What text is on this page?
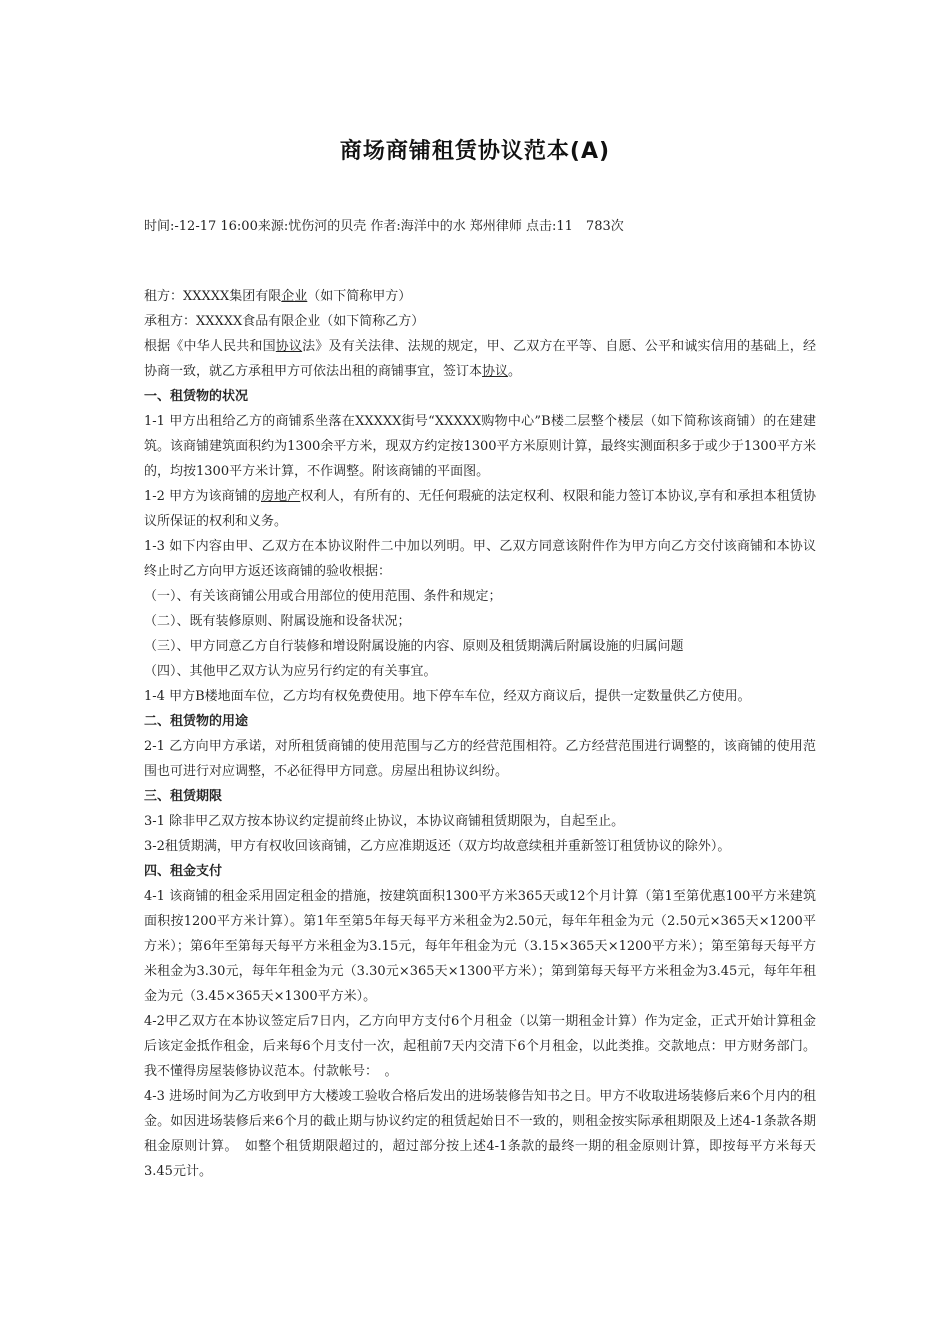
商场商铺租赁协议范本(A)
时间:-12-17 16:00来源:忧伤河的贝壳 作者:海洋中的水 郑州律师 点击:11　783次

租方：XXXXX集团有限企业（如下简称甲方）

承租方：XXXXX食品有限企业（如下简称乙方）

根据《中华人民共和国协议法》及有关法律、法规的规定，甲、乙双方在平等、自愿、公平和诚实信用的基础上，经协商一致，就乙方承租甲方可依法出租的商铺事宜，签订本协议。

一、租赁物的状况

1-1 甲方出租给乙方的商铺系坐落在XXXXX街号“XXXXX购物中心”B楼二层整个楼层（如下简称该商铺）的在建建筑。该商铺建筑面积约为1300余平方米，现双方约定按1300平方米原则计算，最终实测面积多于或少于1300平方米的，均按1300平方米计算，不作调整。附该商铺的平面图。

1-2 甲方为该商铺的房地产权利人，有所有的、无任何瑕疵的法定权利、权限和能力签订本协议,享有和承担本租赁协议所保证的权利和义务。

1-3 如下内容由甲、乙双方在本协议附件二中加以列明。甲、乙双方同意该附件作为甲方向乙方交付该商铺和本协议终止时乙方向甲方返还该商铺的验收根据：

（一）、有关该商铺公用或合用部位的使用范围、条件和规定；

（二）、既有装修原则、附属设施和设备状况；

（三）、甲方同意乙方自行装修和增设附属设施的内容、原则及租赁期满后附属设施的归属问题

（四）、其他甲乙双方认为应另行约定的有关事宜。

1-4 甲方B楼地面车位，乙方均有权免费使用。地下停车车位，经双方商议后，提供一定数量供乙方使用。

二、租赁物的用途

2-1 乙方向甲方承诺，对所租赁商铺的使用范围与乙方的经营范围相符。乙方经营范围进行调整的，该商铺的使用范围也可进行对应调整，不必征得甲方同意。房屋出租协议纠纷。

三、租赁期限

3-1 除非甲乙双方按本协议约定提前终止协议，本协议商铺租赁期限为，自起至止。

3-2租赁期满，甲方有权收回该商铺，乙方应准期返还（双方均故意续租并重新签订租赁协议的除外）。

四、租金支付

4-1 该商铺的租金采用固定租金的措施，按建筑面积1300平方米365天或12个月计算（第1至第优惠100平方米建筑面积按1200平方米计算）。第1年至第5年每天每平方米租金为2.50元，每年年租金为元（2.50元×365天×1200平方米）；第6年至第每天每平方米租金为3.15元，每年年租金为元（3.15×365天×1200平方米）；第至第每天每平方米租金为3.30元，每年年租金为元（3.30元×365天×1300平方米）；第到第每天每平方米租金为3.45元，每年年租金为元（3.45×365天×1300平方米）。

4-2甲乙双方在本协议签定后7日内，乙方向甲方支付6个月租金（以第一期租金计算）作为定金，正式开始计算租金后该定金抵作租金，后来每6个月支付一次，起租前7天内交清下6个月租金，以此类推。交款地点：甲方财务部门。我不懂得房屋装修协议范本。付款帐号：　。

4-3 进场时间为乙方收到甲方大楼竣工验收合格后发出的进场装修告知书之日。甲方不收取进场装修后来6个月内的租金。如因进场装修后来6个月的截止期与协议约定的租赁起始日不一致的，则租金按实际承租期限及上述4-1条款各期租金原则计算。　如整个租赁期限超过的，超过部分按上述4-1条款的最终一期的租金原则计算，即按每平方米每天3.45元计。
